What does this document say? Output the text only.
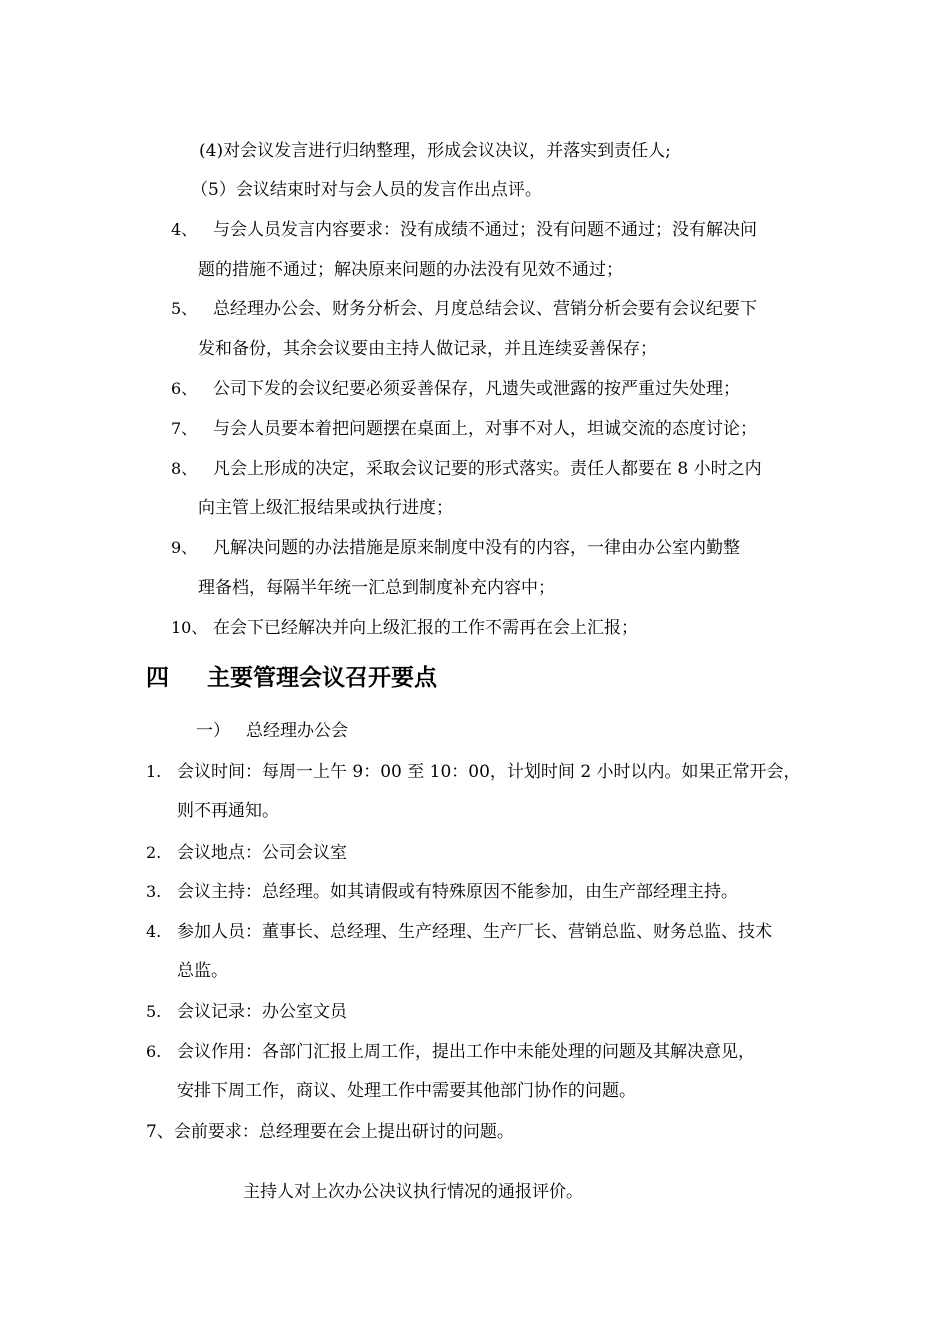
(4)对会议发言进行归纳整理，形成会议决议，并落实到责任人;
（5）会议结束时对与会人员的发言作出点评。
4、 与会人员发言内容要求：没有成绩不通过；没有问题不通过；没有解决问
题的措施不通过；解决原来问题的办法没有见效不通过；
5、 总经理办公会、财务分析会、月度总结会议、营销分析会要有会议纪要下
发和备份，其余会议要由主持人做记录，并且连续妥善保存；
6、 公司下发的会议纪要必须妥善保存，凡遗失或泄露的按严重过失处理；
7、 与会人员要本着把问题摆在桌面上，对事不对人，坦诚交流的态度讨论；
8、 凡会上形成的决定，采取会议记要的形式落实。责任人都要在 8 小时之内
向主管上级汇报结果或执行进度；
9、 凡解决问题的办法措施是原来制度中没有的内容，一律由办公室内勤整
理备档，每隔半年统一汇总到制度补充内容中；
10、 在会下已经解决并向上级汇报的工作不需再在会上汇报；
四 主要管理会议召开要点
一） 总经理办公会
1. 会议时间：每周一上午 9：00 至 10：00，计划时间 2 小时以内。如果正常开会，
则不再通知。
2. 会议地点：公司会议室
3. 会议主持：总经理。如其请假或有特殊原因不能参加，由生产部经理主持。
4. 参加人员：董事长、总经理、生产经理、生产厂长、营销总监、财务总监、技术
总监。
5. 会议记录：办公室文员
6. 会议作用：各部门汇报上周工作，提出工作中未能处理的问题及其解决意见，
安排下周工作，商议、处理工作中需要其他部门协作的问题。
7、会前要求：总经理要在会上提出研讨的问题。
主持人对上次办公决议执行情况的通报评价。
